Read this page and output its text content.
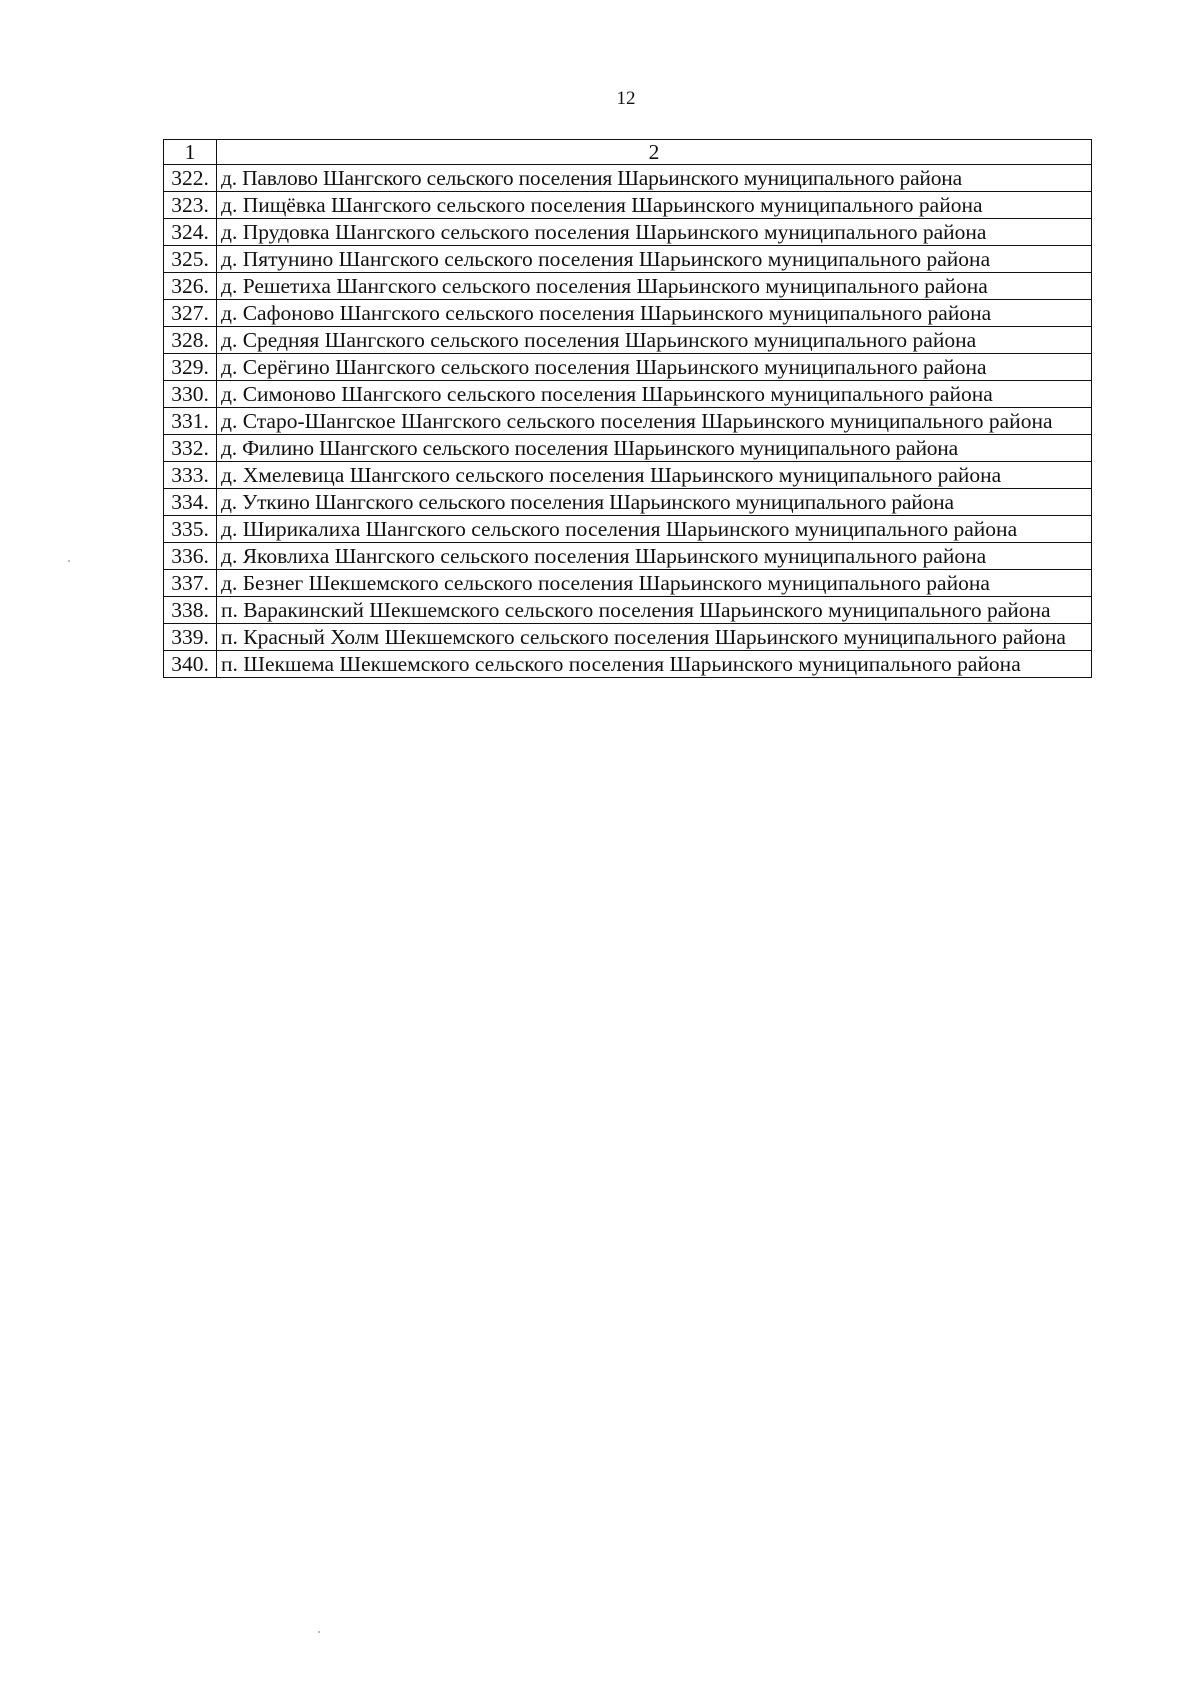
12
1	2
322.	д. Павлово Шангского сельского поселения Шарьинского муниципального района
323.	д. Пищёвка Шангского сельского поселения Шарьинского муниципального района
324.	д. Прудовка Шангского сельского поселения Шарьинского муниципального района
325.	д. Пятунино Шангского сельского поселения Шарьинского муниципального района
326.	д. Решетиха Шангского сельского поселения Шарьинского муниципального района
327.	д. Сафоново Шангского сельского поселения Шарьинского муниципального района
328.	д. Средняя Шангского сельского поселения Шарьинского муниципального района
329.	д. Серёгино Шангского сельского поселения Шарьинского муниципального района
330.	д. Симоново Шангского сельского поселения Шарьинского муниципального района
331.	д. Старо-Шангское Шангского сельского поселения Шарьинского муниципального района
332.	д. Филино Шангского сельского поселения Шарьинского муниципального района
333.	д. Хмелевица Шангского сельского поселения Шарьинского муниципального района
334.	д. Уткино Шангского сельского поселения Шарьинского муниципального района
335.	д. Ширикалиха Шангского сельского поселения Шарьинского муниципального района
336.	д. Яковлиха Шангского сельского поселения Шарьинского муниципального района
337.	д. Безнег Шекшемского сельского поселения Шарьинского муниципального района
338.	п. Варакинский Шекшемского сельского поселения Шарьинского муниципального района
339.	п. Красный Холм Шекшемского сельского поселения Шарьинского муниципального района
340.	п. Шекшема Шекшемского сельского поселения Шарьинского муниципального района
